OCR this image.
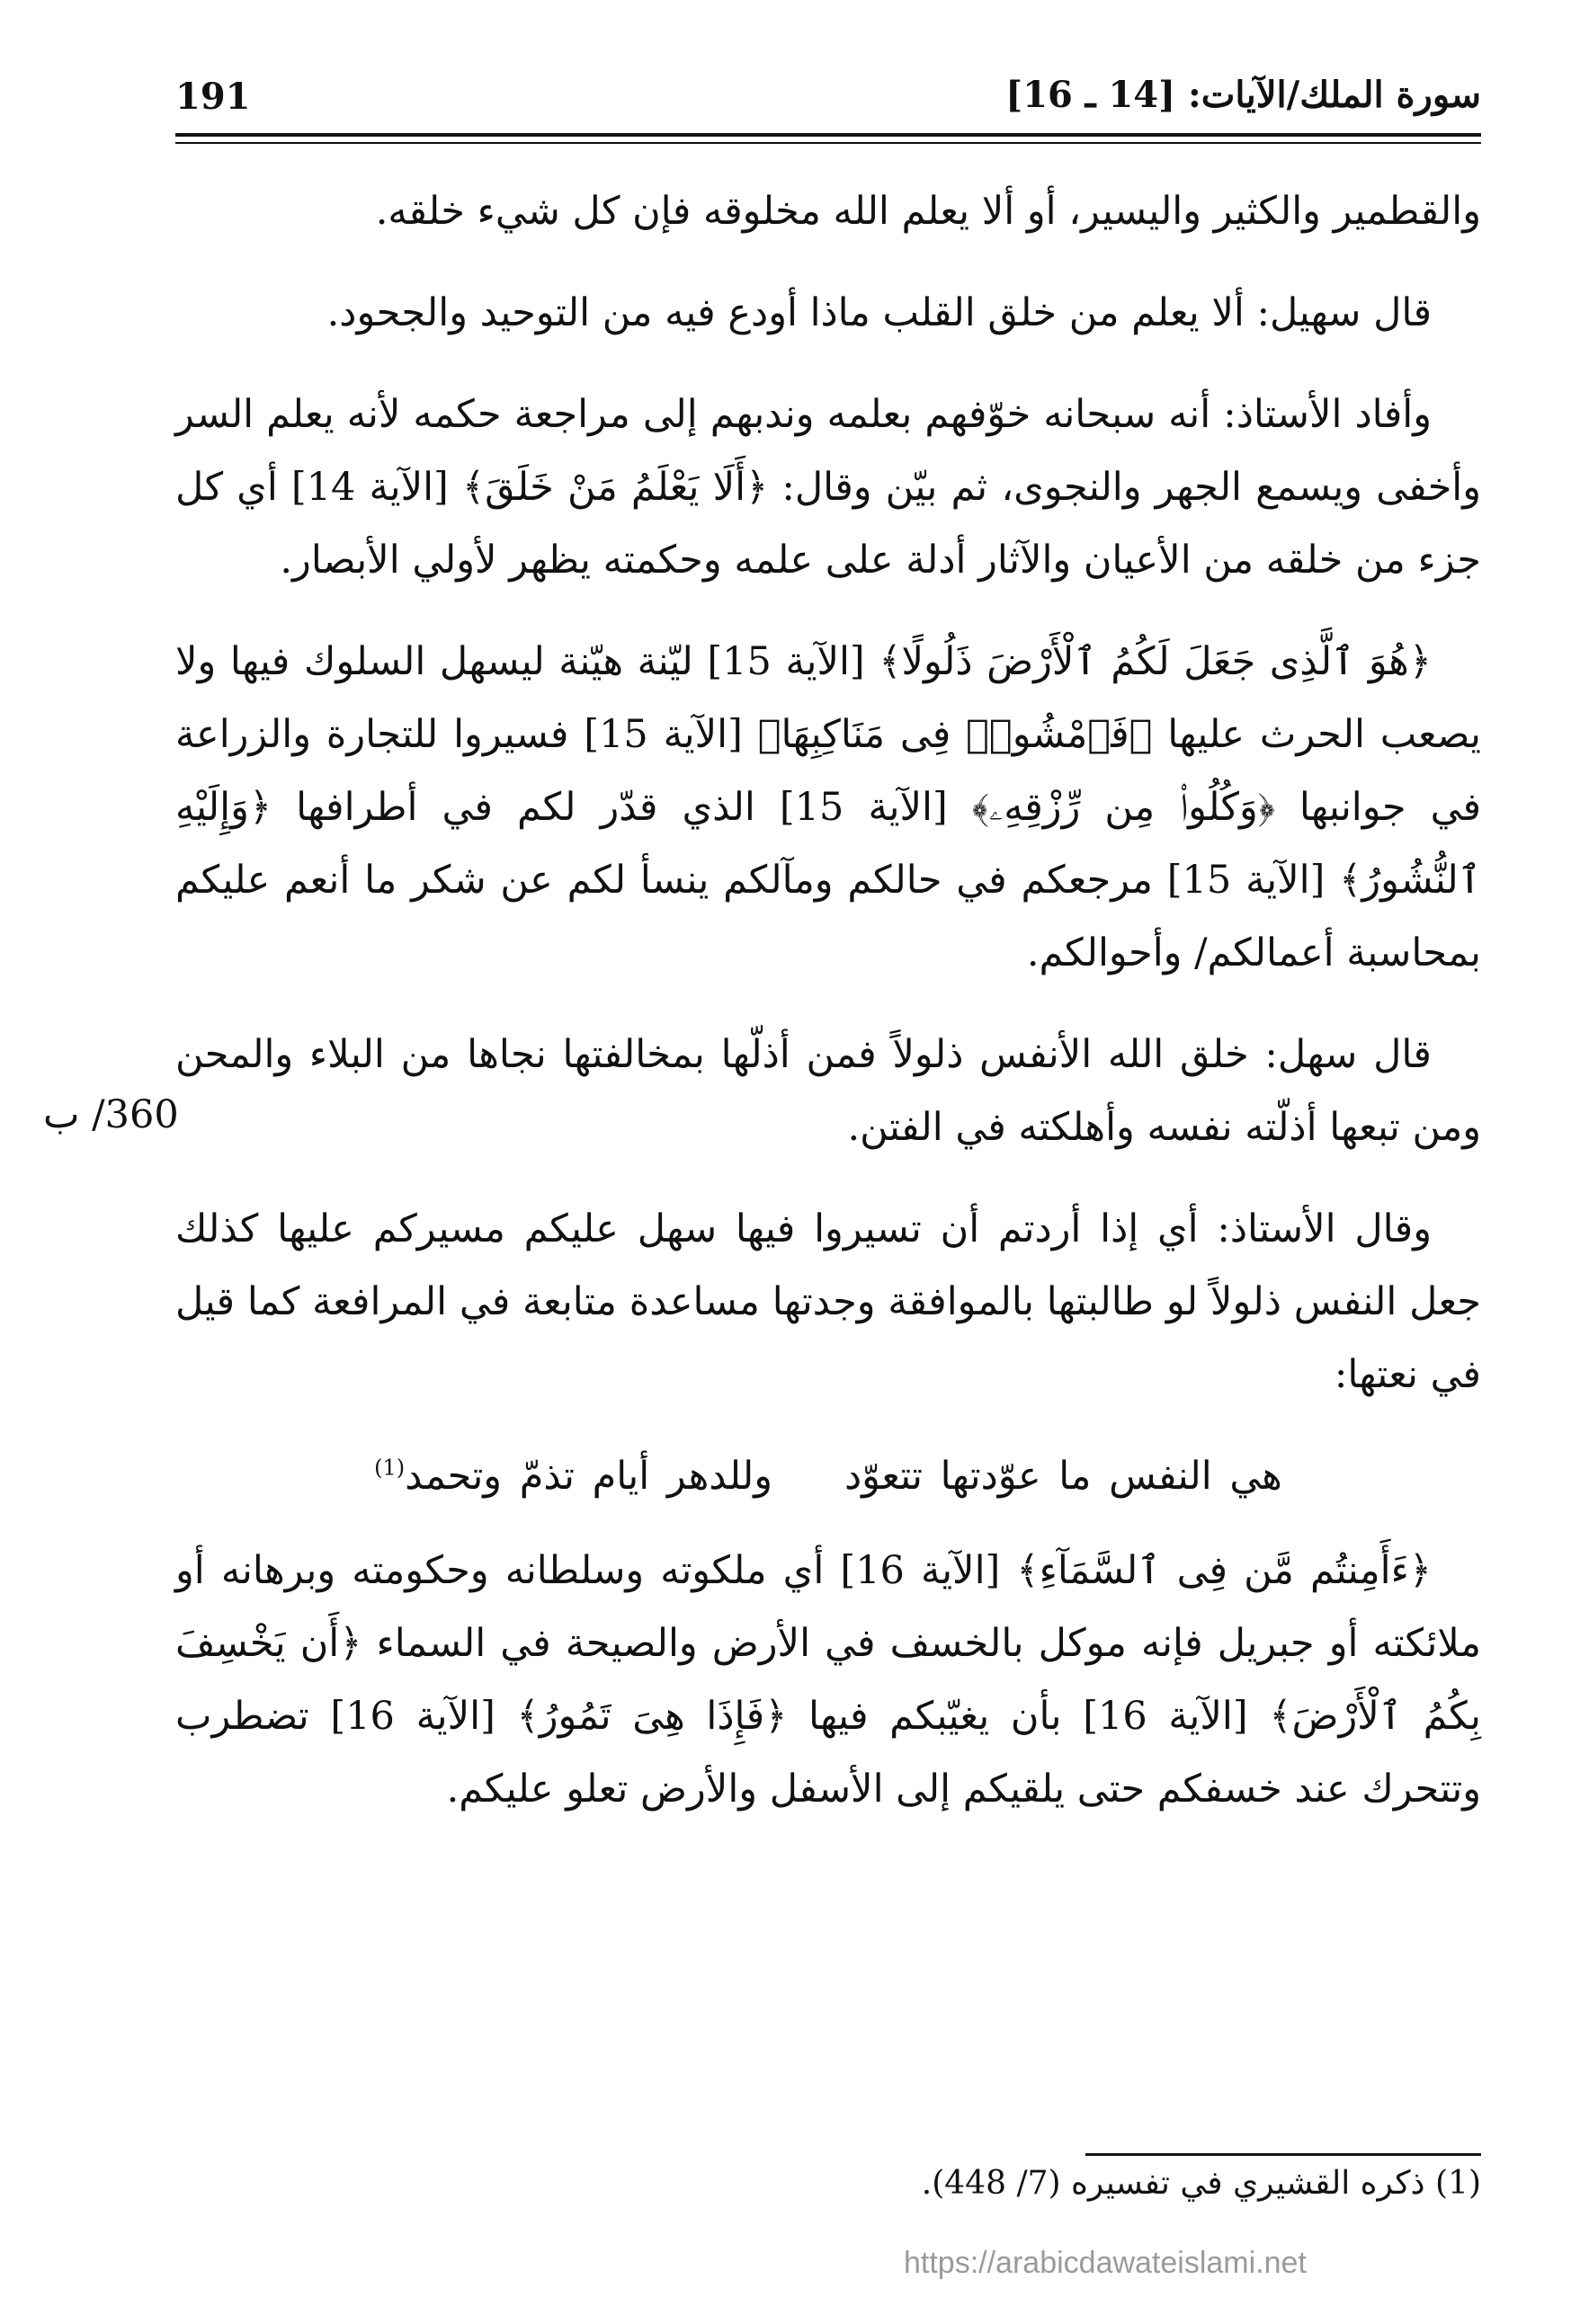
191	سورة الملك/الآيات: [14 ـ 16]
360/ ب

والقطمير والكثير واليسير، أو ألا يعلم الله مخلوقه فإن كل شيء خلقه.

قال سهيل: ألا يعلم من خلق القلب ماذا أودع فيه من التوحيد والجحود.

وأفاد الأستاذ: أنه سبحانه خوّفهم بعلمه وندبهم إلى مراجعة حكمه لأنه يعلم السر وأخفى ويسمع الجهر والنجوى، ثم بيّن وقال: ﴿أَلَا يَعْلَمُ مَنْ خَلَقَ﴾ [الآية 14] أي كل جزء من خلقه من الأعيان والآثار أدلة على علمه وحكمته يظهر لأولي الأبصار.

﴿هُوَ ٱلَّذِى جَعَلَ لَكُمُ ٱلْأَرْضَ ذَلُولًا﴾ [الآية 15] ليّنة هيّنة ليسهل السلوك فيها ولا يصعب الحرث عليها ﴿فَٱمْشُوا۟ فِى مَنَاكِبِهَا﴾ [الآية 15] فسيروا للتجارة والزراعة في جوانبها ﴿وَكُلُوا۟ مِن رِّزْقِهِۦ﴾ [الآية 15] الذي قدّر لكم في أطرافها ﴿وَإِلَيْهِ ٱلنُّشُورُ﴾ [الآية 15] مرجعكم في حالكم ومآلكم ينسأ لكم عن شكر ما أنعم عليكم بمحاسبة أعمالكم/ وأحوالكم.

قال سهل: خلق الله الأنفس ذلولاً فمن أذلّها بمخالفتها نجاها من البلاء والمحن ومن تبعها أذلّته نفسه وأهلكته في الفتن.

وقال الأستاذ: أي إذا أردتم أن تسيروا فيها سهل عليكم مسيركم عليها كذلك جعل النفس ذلولاً لو طالبتها بالموافقة وجدتها مساعدة متابعة في المرافعة كما قيل في نعتها:

هي النفس ما عوّدتها تتعوّدوللدهر أيام تذمّ وتحمد$^{(1)}$

﴿ءَأَمِنتُم مَّن فِى ٱلسَّمَآءِ﴾ [الآية 16] أي ملكوته وسلطانه وحكومته وبرهانه أو ملائكته أو جبريل فإنه موكل بالخسف في الأرض والصيحة في السماء ﴿أَن يَخْسِفَ بِكُمُ ٱلْأَرْضَ﴾ [الآية 16] بأن يغيّبكم فيها ﴿فَإِذَا هِىَ تَمُورُ﴾ [الآية 16] تضطرب وتتحرك عند خسفكم حتى يلقيكم إلى الأسفل والأرض تعلو عليكم.

(1) ذكره القشيري في تفسيره (7/ 448).
https://arabicdawateislami.net
